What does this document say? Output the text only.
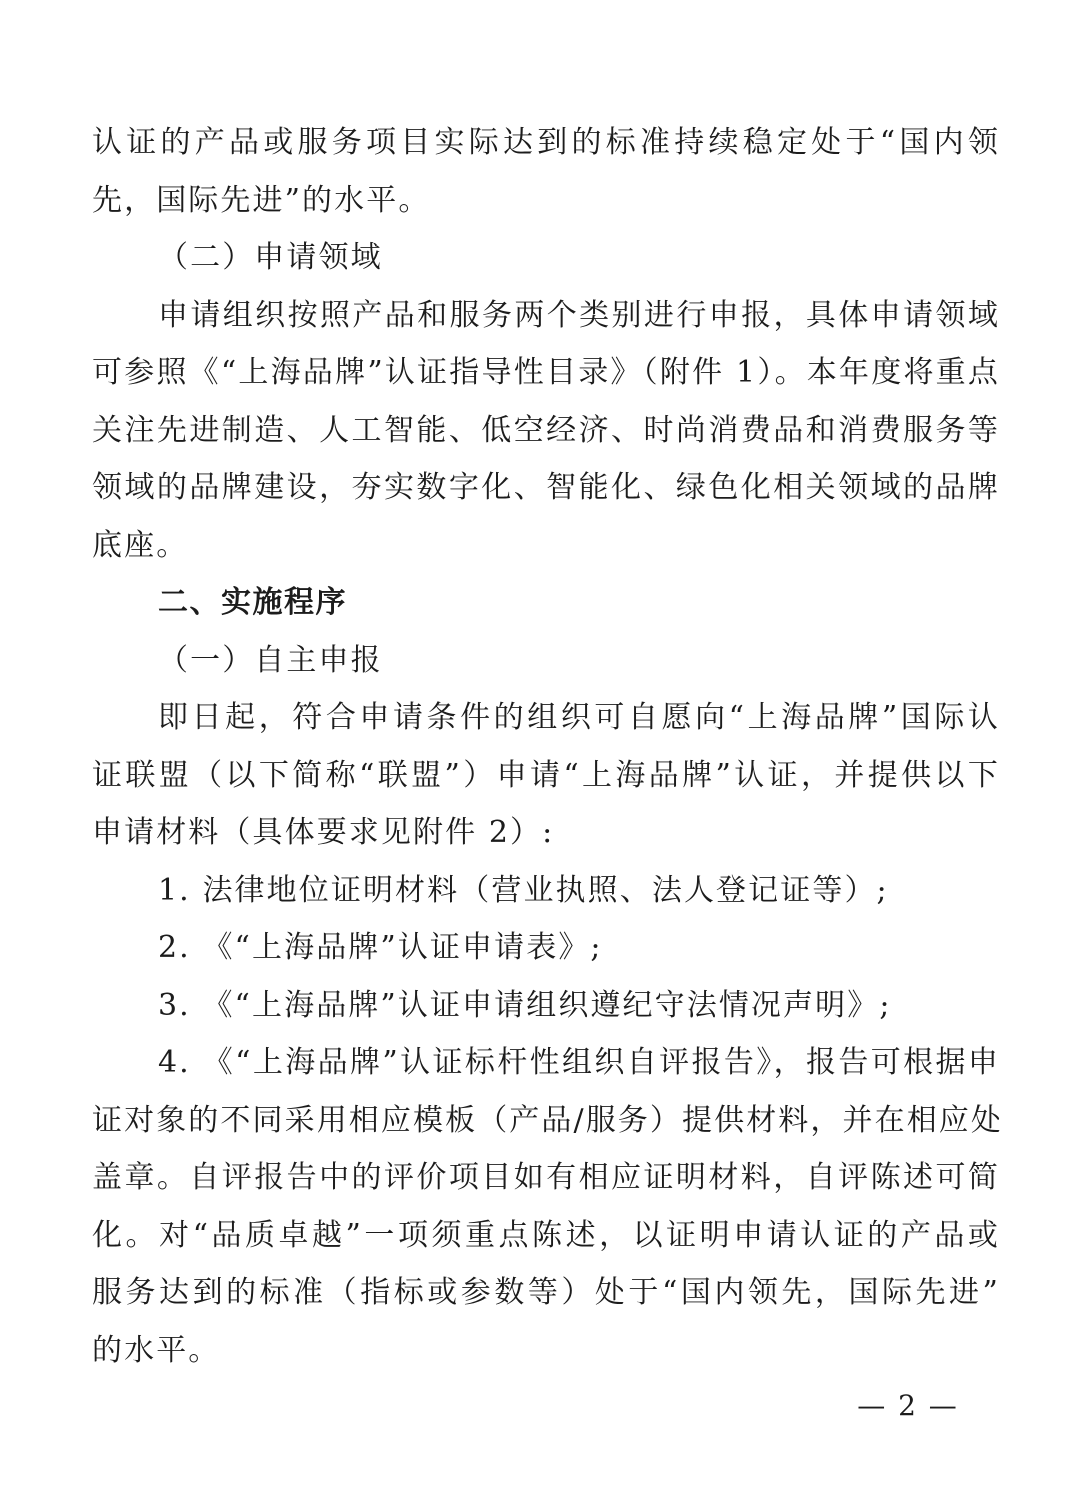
认证的产品或服务项目实际达到的标准持续稳定处于“国内领

先，国际先进”的水平。

（二）申请领域

申请组织按照产品和服务两个类别进行申报，具体申请领域

可参照《“上海品牌”认证指导性目录》（附件 1）。本年度将重点

关注先进制造、人工智能、低空经济、时尚消费品和消费服务等

领域的品牌建设，夯实数字化、智能化、绿色化相关领域的品牌

底座。

二、实施程序

（一）自主申报

即日起，符合申请条件的组织可自愿向“上海品牌”国际认

证联盟（以下简称“联盟”）申请“上海品牌”认证，并提供以下

申请材料（具体要求见附件 2）:

1. 法律地位证明材料（营业执照、法人登记证等）;

2. 《“上海品牌”认证申请表》;

3. 《“上海品牌”认证申请组织遵纪守法情况声明》;

4. 《“上海品牌”认证标杆性组织自评报告》，报告可根据申

证对象的不同采用相应模板（产品/服务）提供材料，并在相应处

盖章。自评报告中的评价项目如有相应证明材料，自评陈述可简

化。对“品质卓越”一项须重点陈述，以证明申请认证的产品或

服务达到的标准（指标或参数等）处于“国内领先，国际先进”

的水平。

— 2 —
